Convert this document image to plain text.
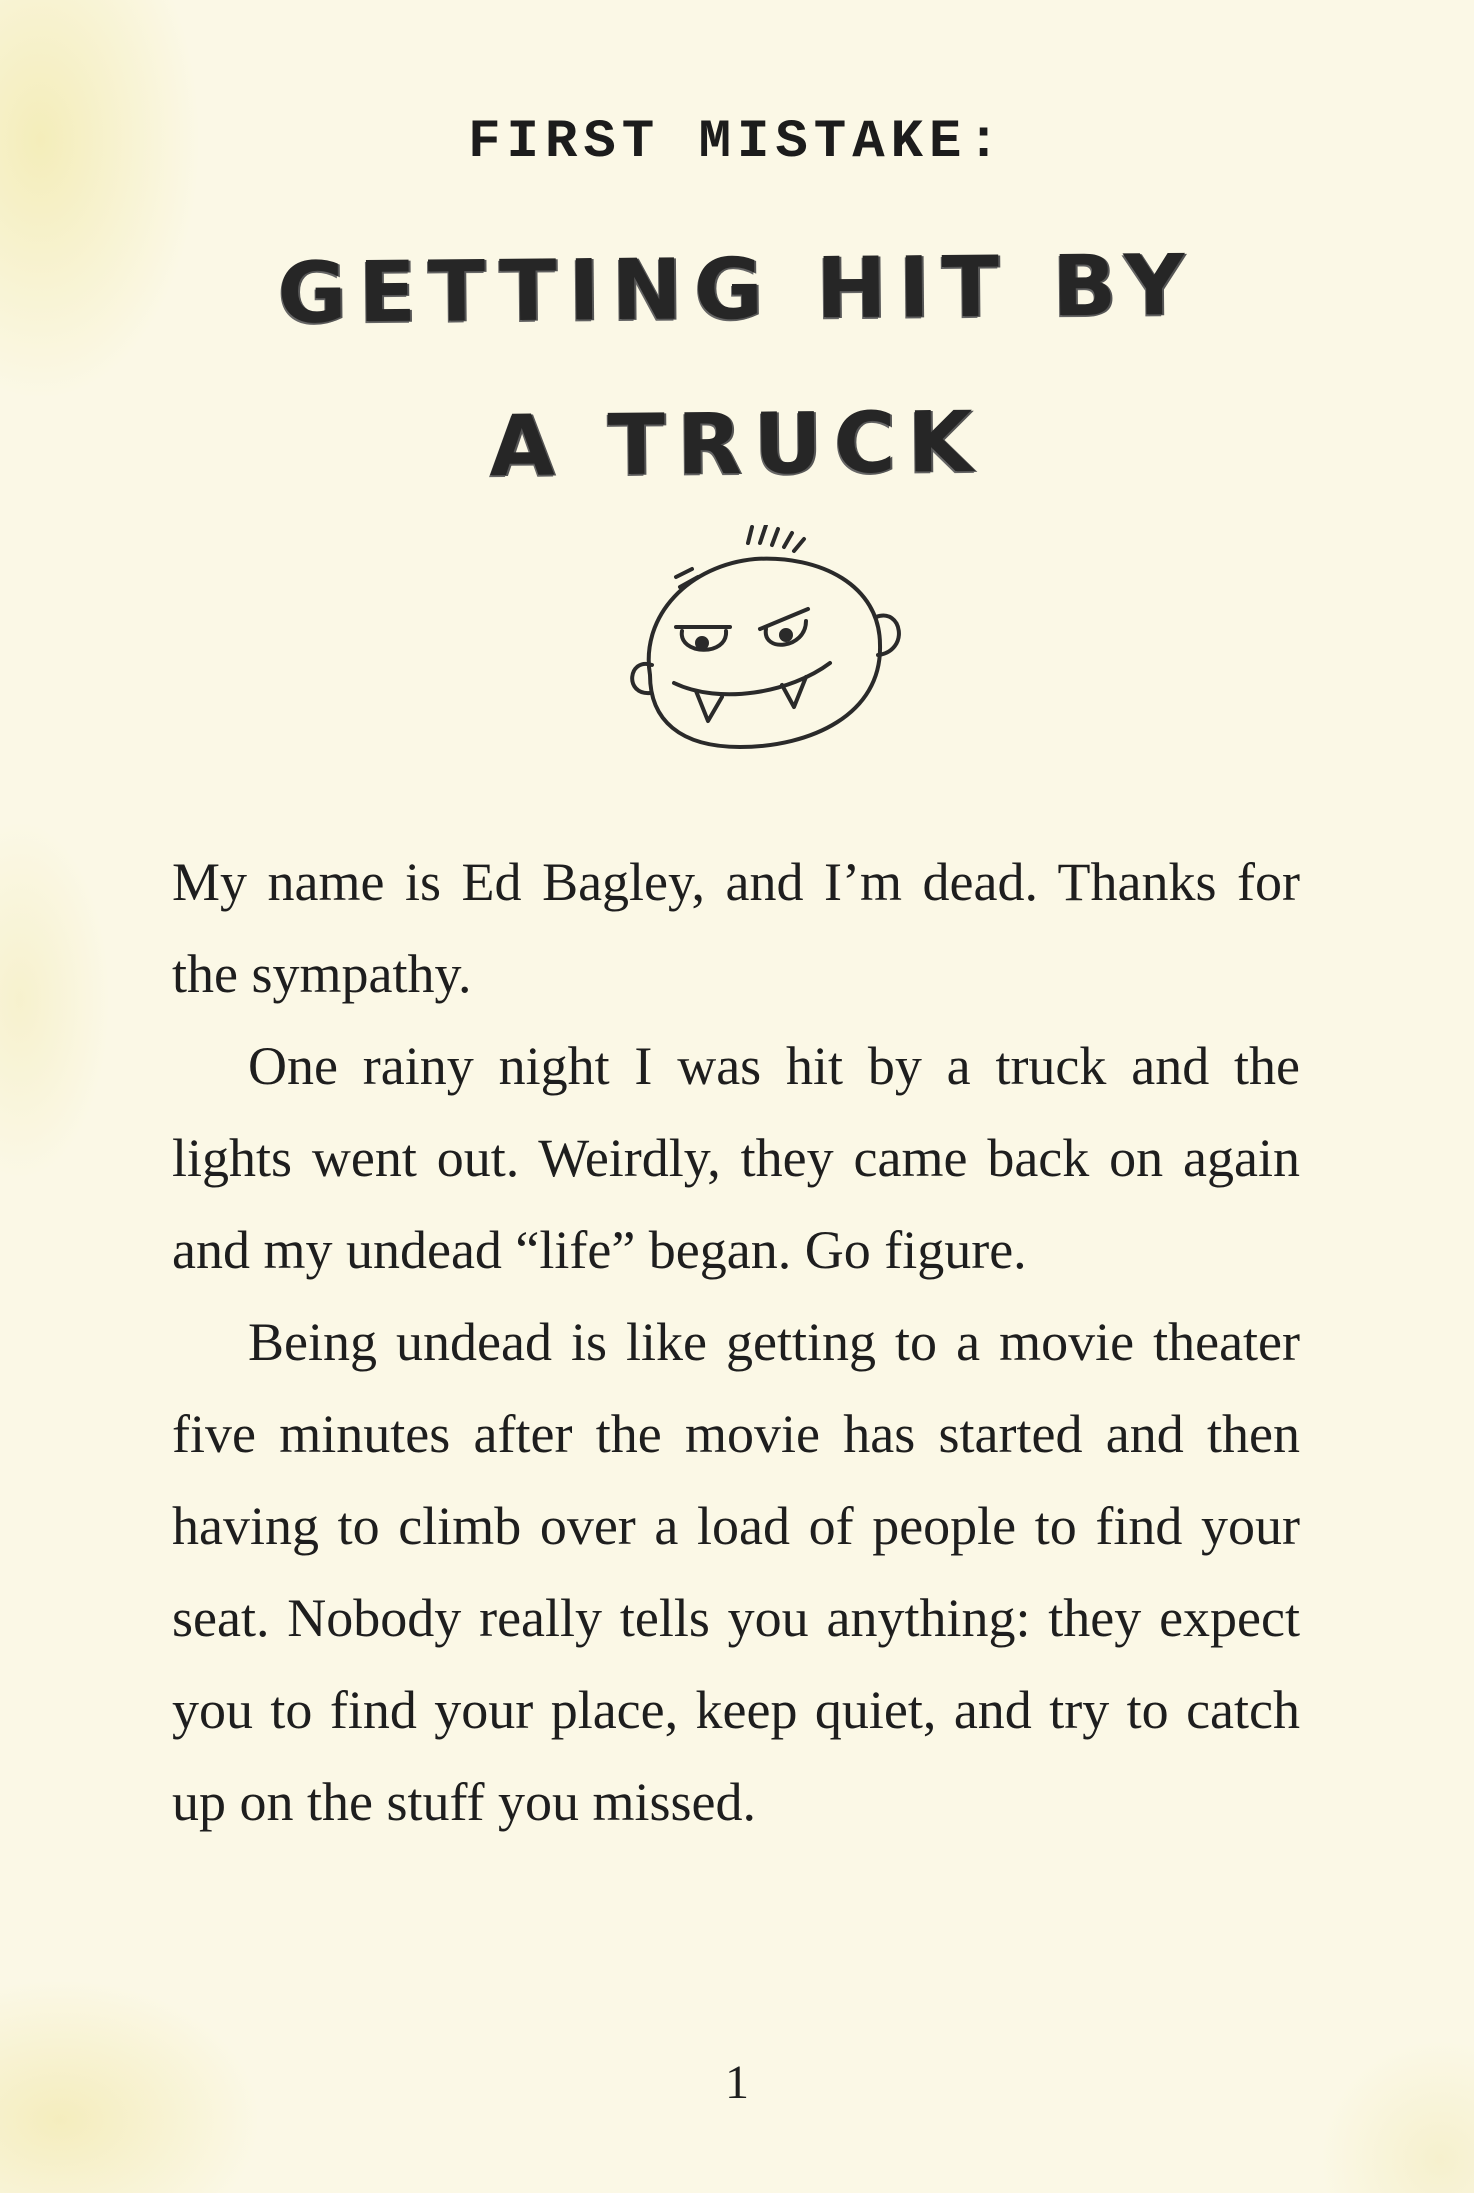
FIRST MISTAKE:
GETTING HIT BY
A TRUCK

My name is Ed Bagley, and I’m dead. Thanks for the sympathy.

One rainy night I was hit by a truck and the lights went out. Weirdly, they came back on again and my undead “life” began. Go figure.

Being undead is like getting to a movie theater five minutes after the movie has started and then having to climb over a load of people to find your seat. Nobody really tells you anything: they expect you to find your place, keep quiet, and try to catch up on the stuff you missed.

1
